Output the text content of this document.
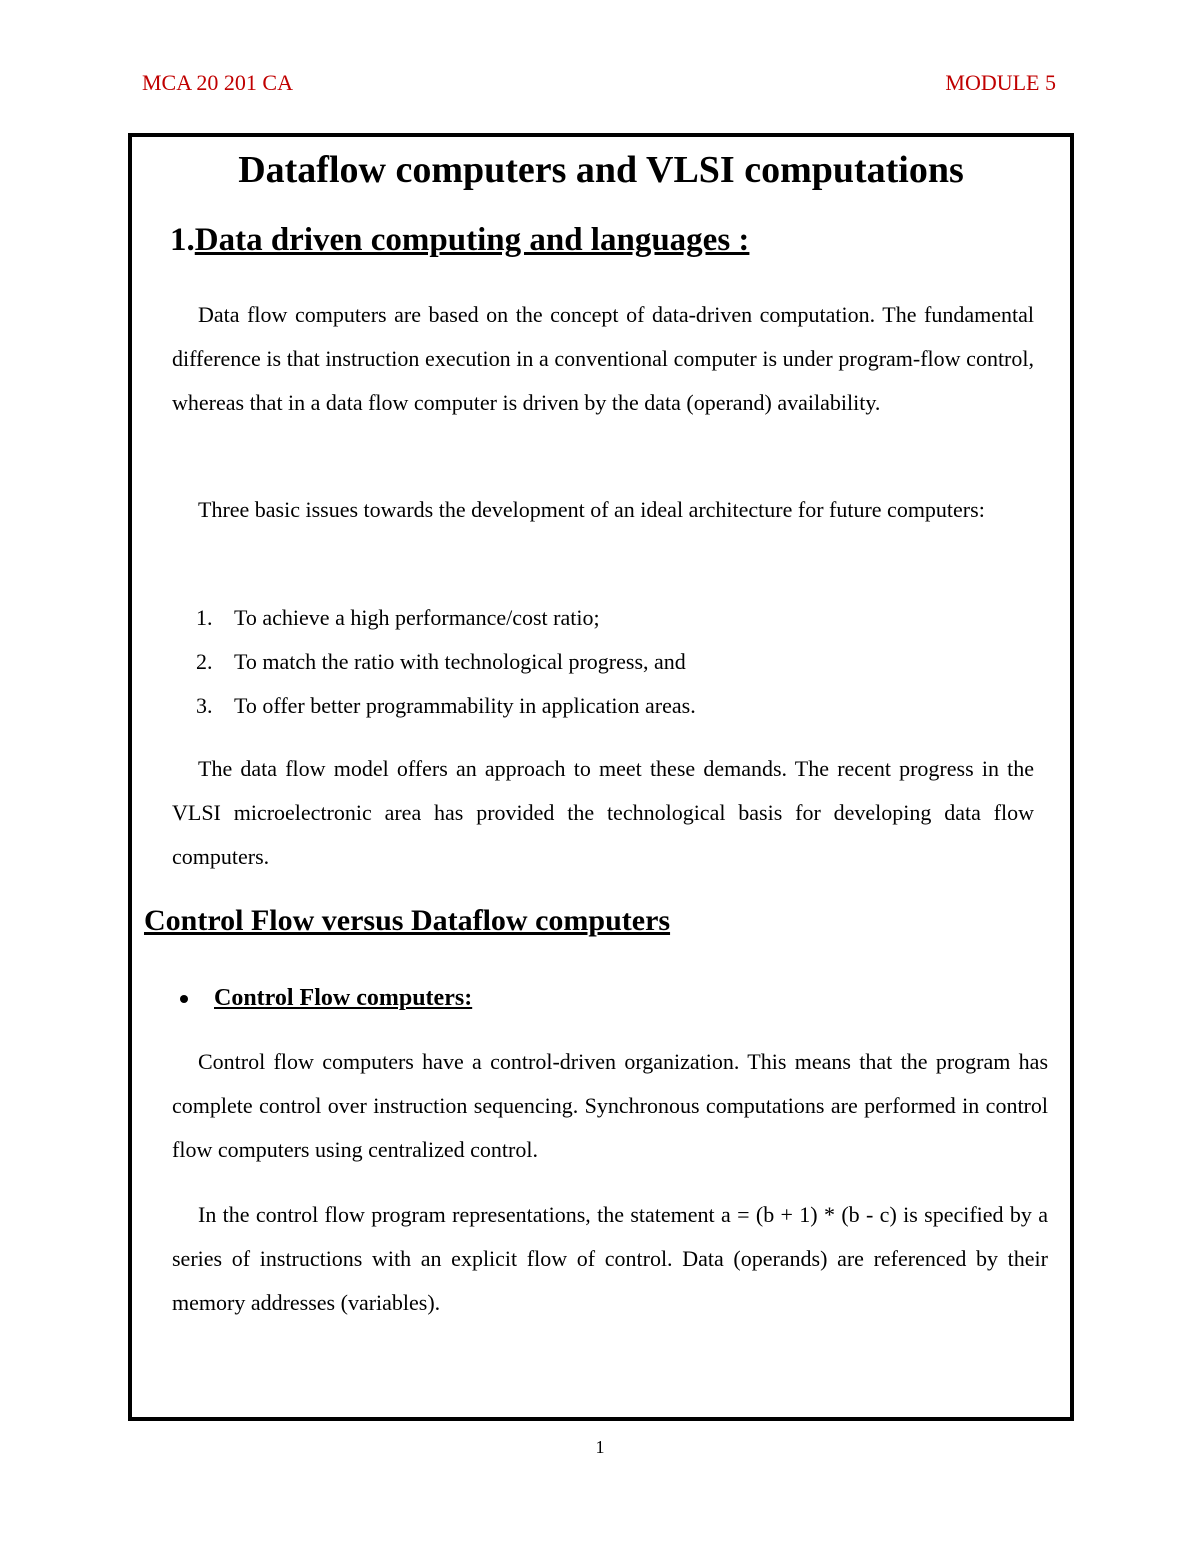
MCA 20 201 CA	MODULE 5
Dataflow computers and VLSI computations
1.Data driven computing and languages :

Data flow computers are based on the concept of data-driven computation. The fundamental difference is that instruction execution in a conventional computer is under program-flow control, whereas that in a data flow computer is driven by the data (operand) availability.

Three basic issues towards the development of an ideal architecture for future computers:

1. To achieve a high performance/cost ratio;
2. To match the ratio with technological progress, and
3. To offer better programmability in application areas.

The data flow model offers an approach to meet these demands. The recent progress in the VLSI microelectronic area has provided the technological basis for developing data flow computers.

Control Flow versus Dataflow computers
Control Flow computers:

Control flow computers have a control-driven organization. This means that the program has complete control over instruction sequencing. Synchronous computations are performed in control flow computers using centralized control.

In the control flow program representations, the statement a = (b + 1) * (b - c) is specified by a series of instructions with an explicit flow of control. Data (operands) are referenced by their memory addresses (variables).

1
